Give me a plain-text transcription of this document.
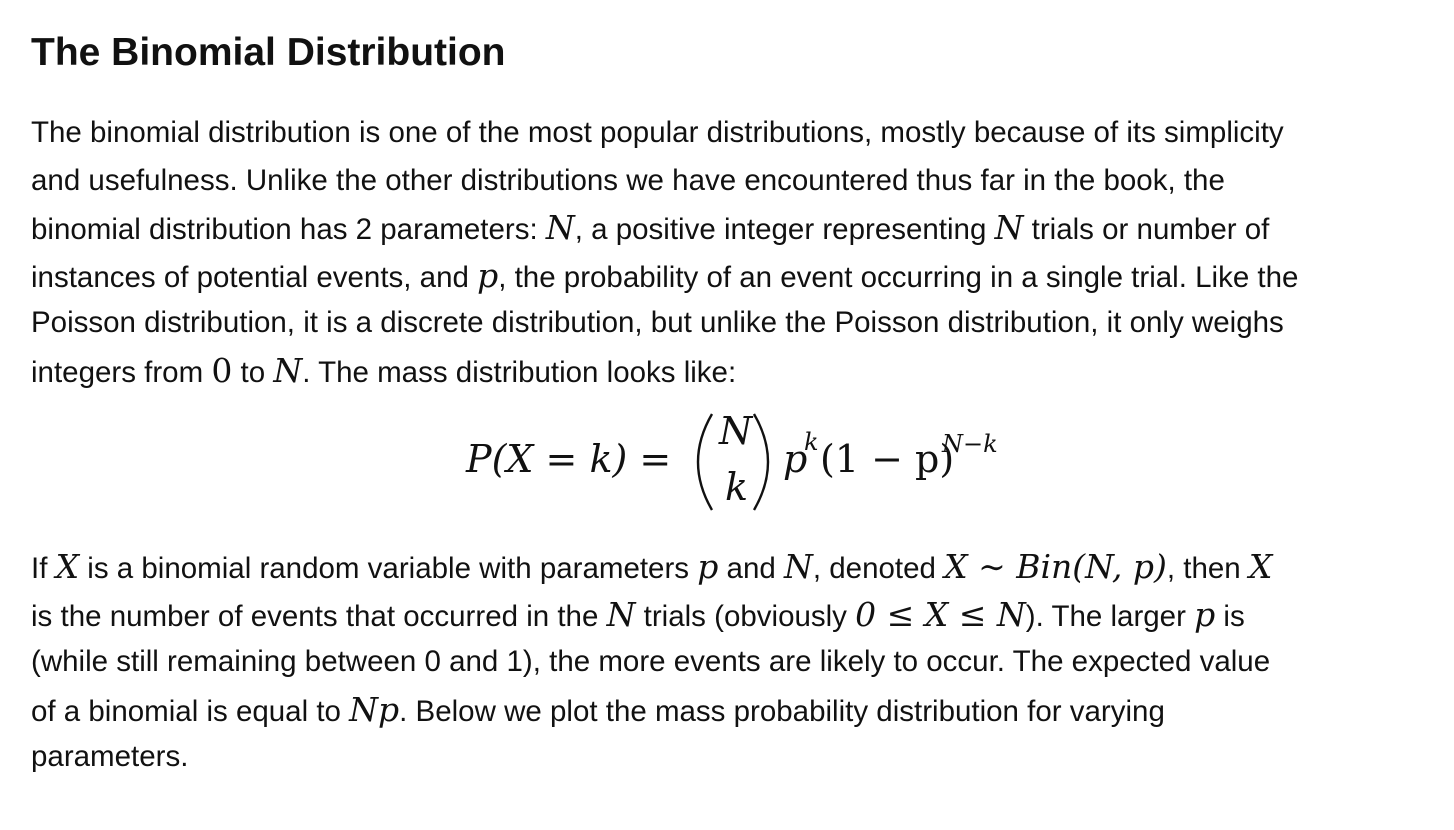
The Binomial Distribution

The binomial distribution is one of the most popular distributions, mostly because of its simplicity
and usefulness. Unlike the other distributions we have encountered thus far in the book, the
binomial distribution has 2 parameters: N, a positive integer representing N trials or number of
instances of potential events, and p, the probability of an event occurring in a single trial. Like the
Poisson distribution, it is a discrete distribution, but unlike the Poisson distribution, it only weighs
integers from 0 to N. The mass distribution looks like:

P(X = k) =
N
k
p
k (1 − p)
N−k

If X is a binomial random variable with parameters p and N, denoted X ∼ Bin(N, p), then X
is the number of events that occurred in the N trials (obviously 0 ≤ X ≤ N). The larger p is
(while still remaining between 0 and 1), the more events are likely to occur. The expected value
of a binomial is equal to Np. Below we plot the mass probability distribution for varying
parameters.
